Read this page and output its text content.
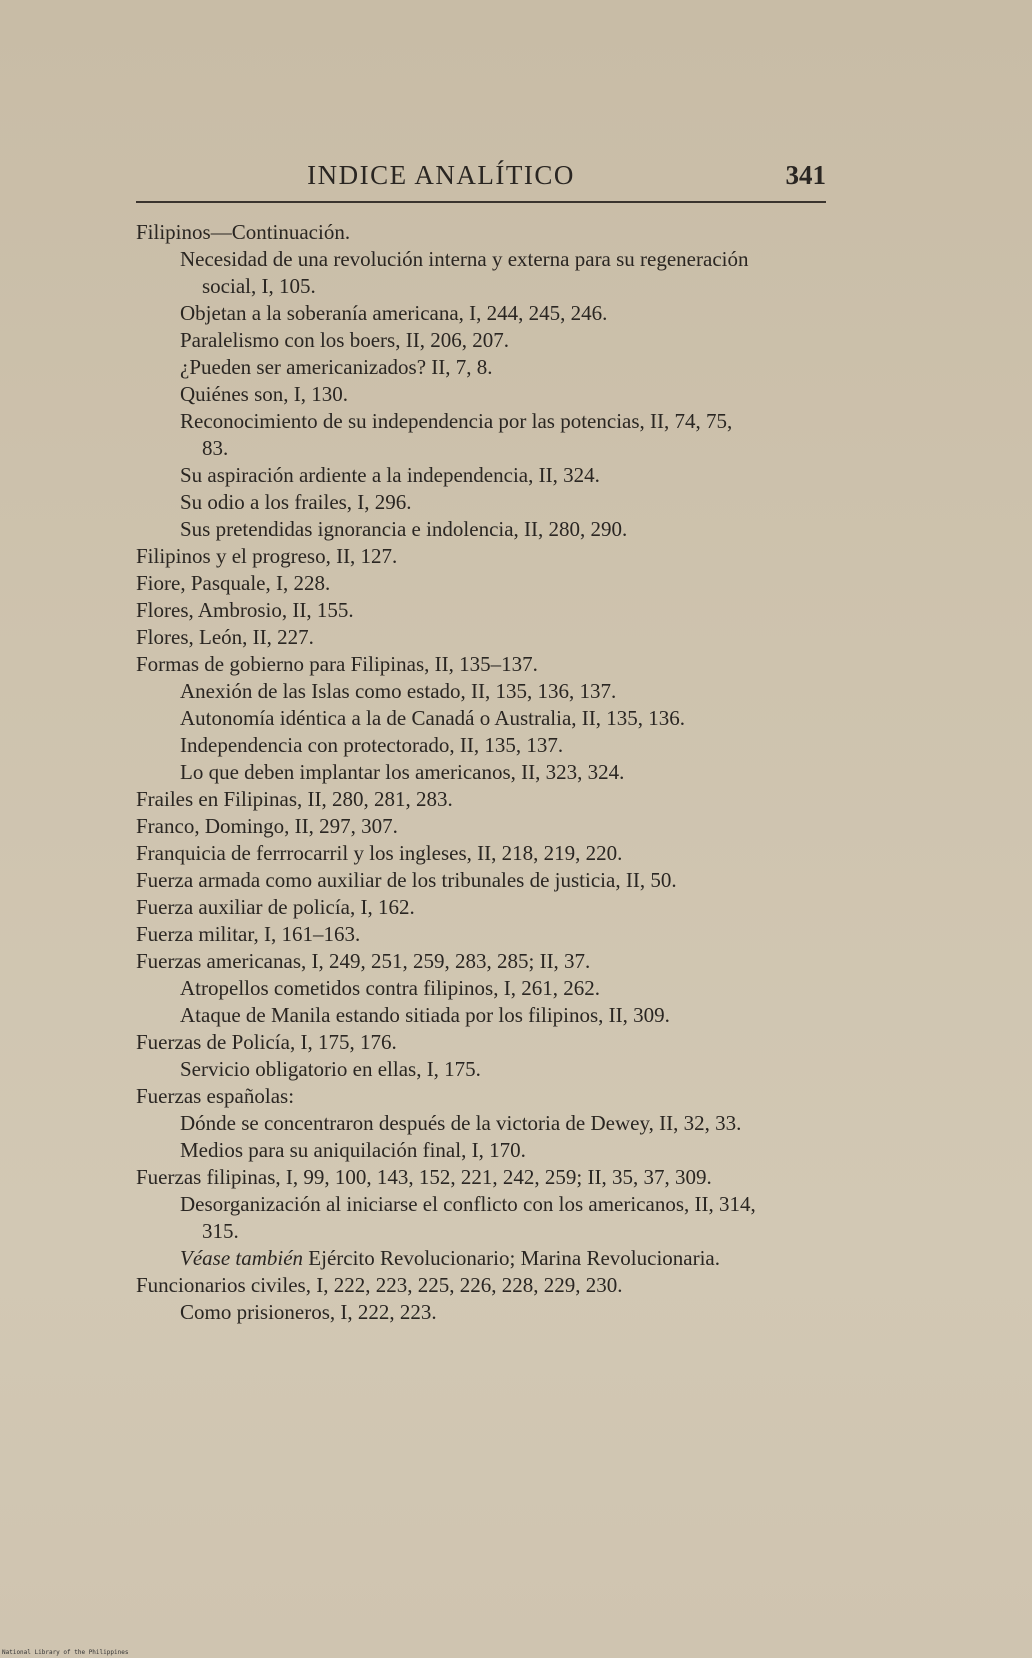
INDICE ANALÍTICO	341
Filipinos—Continuación.
Necesidad de una revolución interna y externa para su regeneración
social, I, 105.
Objetan a la soberanía americana, I, 244, 245, 246.
Paralelismo con los boers, II, 206, 207.
¿Pueden ser americanizados? II, 7, 8.
Quiénes son, I, 130.
Reconocimiento de su independencia por las potencias, II, 74, 75,
83.
Su aspiración ardiente a la independencia, II, 324.
Su odio a los frailes, I, 296.
Sus pretendidas ignorancia e indolencia, II, 280, 290.
Filipinos y el progreso, II, 127.
Fiore, Pasquale, I, 228.
Flores, Ambrosio, II, 155.
Flores, León, II, 227.
Formas de gobierno para Filipinas, II, 135–137.
Anexión de las Islas como estado, II, 135, 136, 137.
Autonomía idéntica a la de Canadá o Australia, II, 135, 136.
Independencia con protectorado, II, 135, 137.
Lo que deben implantar los americanos, II, 323, 324.
Frailes en Filipinas, II, 280, 281, 283.
Franco, Domingo, II, 297, 307.
Franquicia de ferrrocarril y los ingleses, II, 218, 219, 220.
Fuerza armada como auxiliar de los tribunales de justicia, II, 50.
Fuerza auxiliar de policía, I, 162.
Fuerza militar, I, 161–163.
Fuerzas americanas, I, 249, 251, 259, 283, 285; II, 37.
Atropellos cometidos contra filipinos, I, 261, 262.
Ataque de Manila estando sitiada por los filipinos, II, 309.
Fuerzas de Policía, I, 175, 176.
Servicio obligatorio en ellas, I, 175.
Fuerzas españolas:
Dónde se concentraron después de la victoria de Dewey, II, 32, 33.
Medios para su aniquilación final, I, 170.
Fuerzas filipinas, I, 99, 100, 143, 152, 221, 242, 259; II, 35, 37, 309.
Desorganización al iniciarse el conflicto con los americanos, II, 314,
315.
Véase también Ejército Revolucionario; Marina Revolucionaria.
Funcionarios civiles, I, 222, 223, 225, 226, 228, 229, 230.
Como prisioneros, I, 222, 223.
National Library of the Philippines
